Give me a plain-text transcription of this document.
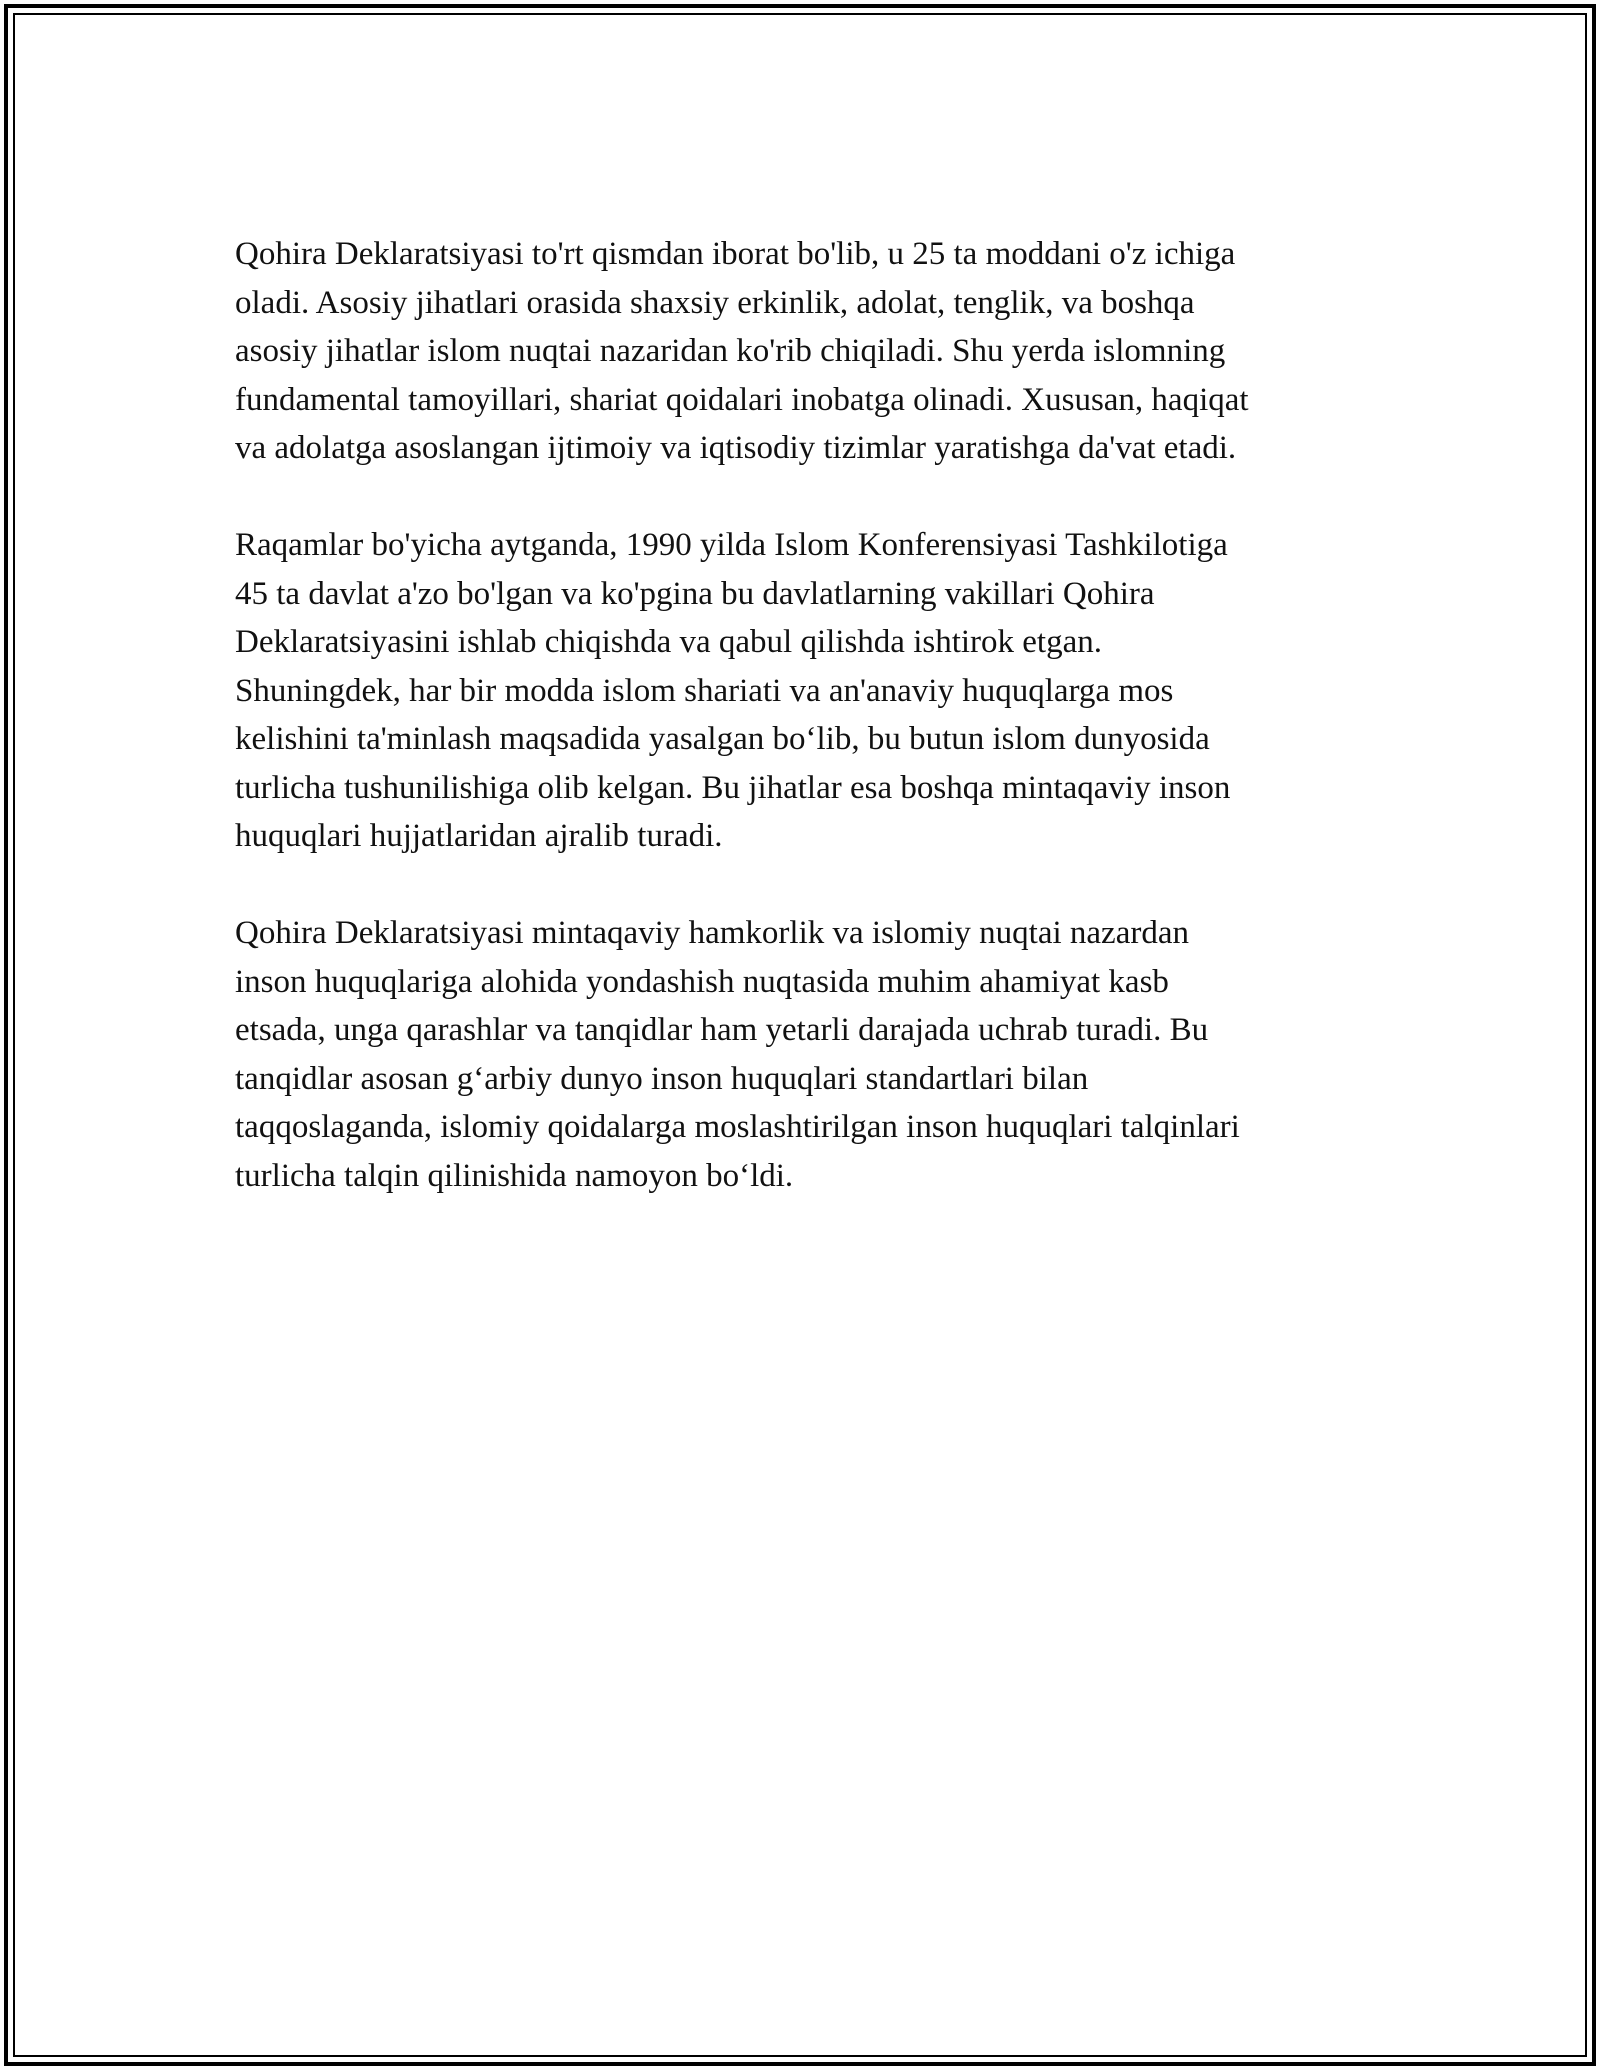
Qohira Deklaratsiyasi to'rt qismdan iborat bo'lib, u 25 ta moddani o'z ichiga
oladi. Asosiy jihatlari orasida shaxsiy erkinlik, adolat, tenglik, va boshqa
asosiy jihatlar islom nuqtai nazaridan ko'rib chiqiladi. Shu yerda islomning
fundamental tamoyillari, shariat qoidalari inobatga olinadi. Xususan, haqiqat
va adolatga asoslangan ijtimoiy va iqtisodiy tizimlar yaratishga da'vat etadi.

Raqamlar bo'yicha aytganda, 1990 yilda Islom Konferensiyasi Tashkilotiga
45 ta davlat a'zo bo'lgan va ko'pgina bu davlatlarning vakillari Qohira
Deklaratsiyasini ishlab chiqishda va qabul qilishda ishtirok etgan.
Shuningdek, har bir modda islom shariati va an'anaviy huquqlarga mos
kelishini ta'minlash maqsadida yasalgan bo‘lib, bu butun islom dunyosida
turlicha tushunilishiga olib kelgan. Bu jihatlar esa boshqa mintaqaviy inson
huquqlari hujjatlaridan ajralib turadi.

Qohira Deklaratsiyasi mintaqaviy hamkorlik va islomiy nuqtai nazardan
inson huquqlariga alohida yondashish nuqtasida muhim ahamiyat kasb
etsada, unga qarashlar va tanqidlar ham yetarli darajada uchrab turadi. Bu
tanqidlar asosan g‘arbiy dunyo inson huquqlari standartlari bilan
taqqoslaganda, islomiy qoidalarga moslashtirilgan inson huquqlari talqinlari
turlicha talqin qilinishida namoyon bo‘ldi.
